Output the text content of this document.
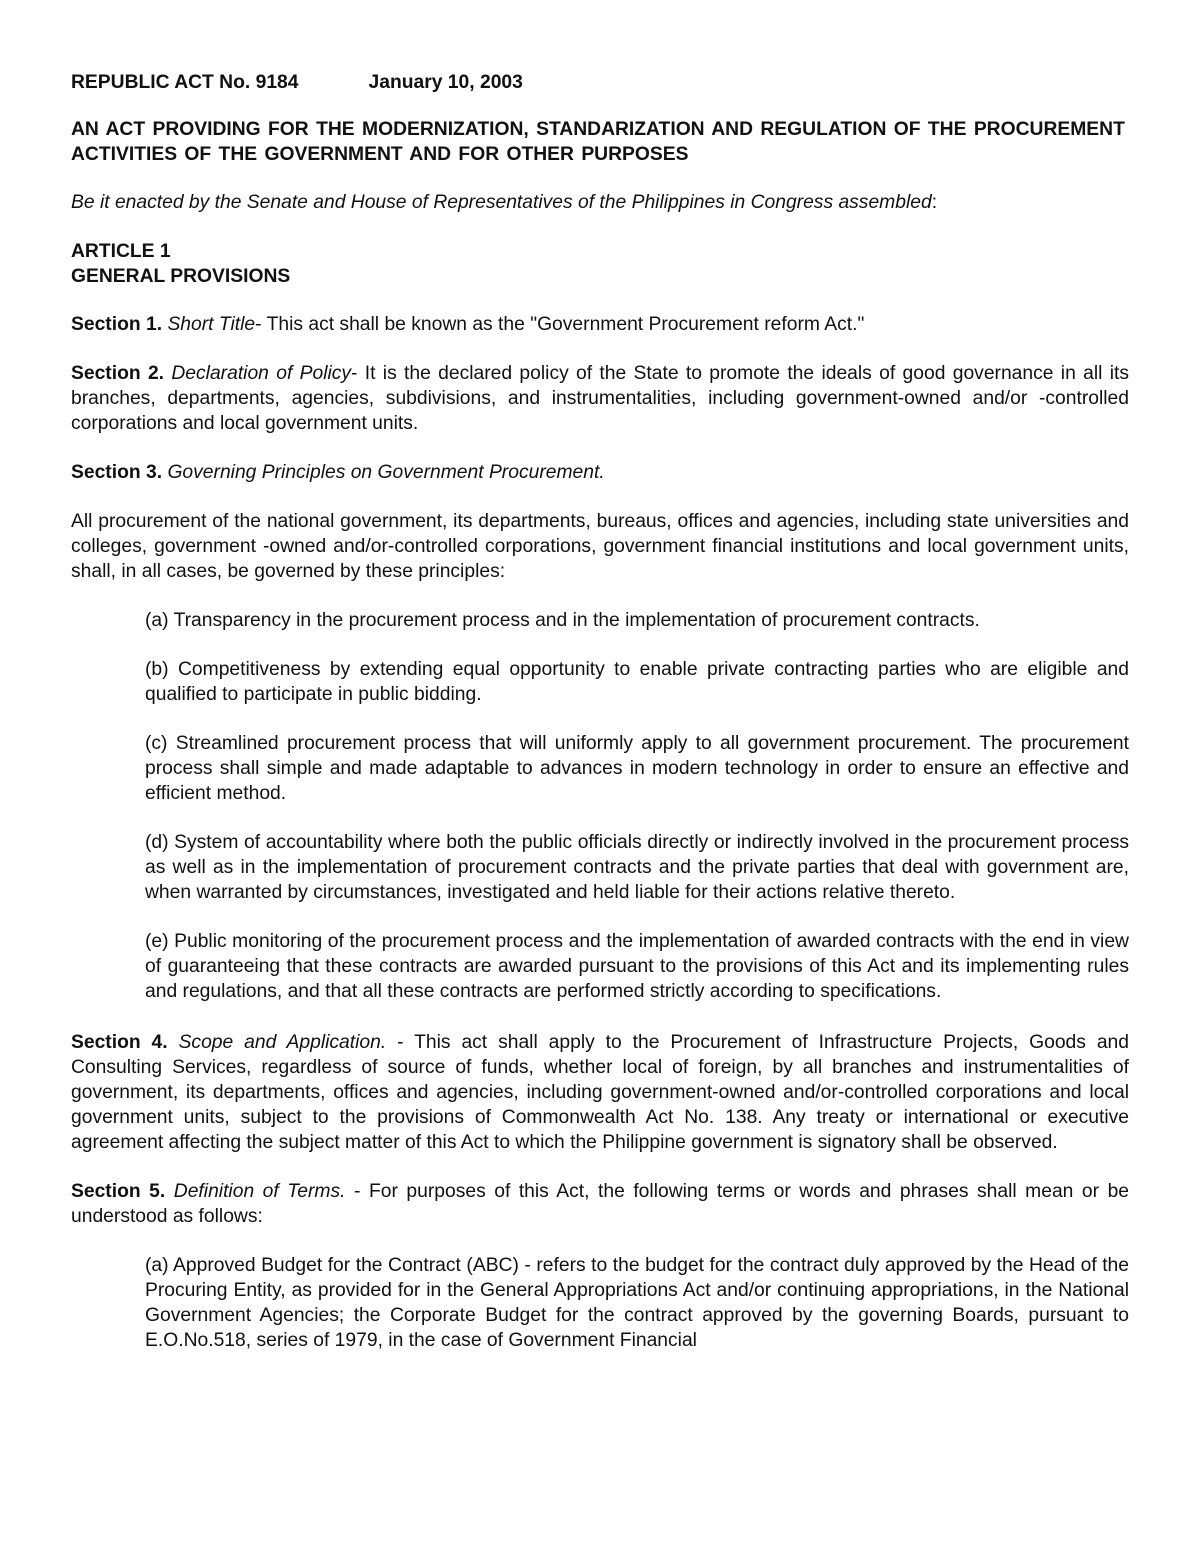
REPUBLIC ACT No. 9184	January 10, 2003
AN ACT PROVIDING FOR THE MODERNIZATION, STANDARIZATION AND REGULATION OF THE PROCUREMENT ACTIVITIES OF THE GOVERNMENT AND FOR OTHER PURPOSES
Be it enacted by the Senate and House of Representatives of the Philippines in Congress assembled:
ARTICLE 1
GENERAL PROVISIONS
Section 1. Short Title- This act shall be known as the "Government Procurement reform Act."
Section 2. Declaration of Policy- It is the declared policy of the State to promote the ideals of good governance in all its branches, departments, agencies, subdivisions, and instrumentalities, including government-owned and/or -controlled corporations and local government units.
Section 3. Governing Principles on Government Procurement.
All procurement of the national government, its departments, bureaus, offices and agencies, including state universities and colleges, government -owned and/or-controlled corporations, government financial institutions and local government units, shall, in all cases, be governed by these principles:
(a) Transparency in the procurement process and in the implementation of procurement contracts.
(b) Competitiveness by extending equal opportunity to enable private contracting parties who are eligible and qualified to participate in public bidding.
(c) Streamlined procurement process that will uniformly apply to all government procurement. The procurement process shall simple and made adaptable to advances in modern technology in order to ensure an effective and efficient method.
(d) System of accountability where both the public officials directly or indirectly involved in the procurement process as well as in the implementation of procurement contracts and the private parties that deal with government are, when warranted by circumstances, investigated and held liable for their actions relative thereto.
(e) Public monitoring of the procurement process and the implementation of awarded contracts with the end in view of guaranteeing that these contracts are awarded pursuant to the provisions of this Act and its implementing rules and regulations, and that all these contracts are performed strictly according to specifications.
Section 4. Scope and Application. - This act shall apply to the Procurement of Infrastructure Projects, Goods and Consulting Services, regardless of source of funds, whether local of foreign, by all branches and instrumentalities of government, its departments, offices and agencies, including government-owned and/or-controlled corporations and local government units, subject to the provisions of Commonwealth Act No. 138. Any treaty or international or executive agreement affecting the subject matter of this Act to which the Philippine government is signatory shall be observed.
Section 5. Definition of Terms. - For purposes of this Act, the following terms or words and phrases shall mean or be understood as follows:
(a) Approved Budget for the Contract (ABC) - refers to the budget for the contract duly approved by the Head of the Procuring Entity, as provided for in the General Appropriations Act and/or continuing appropriations, in the National Government Agencies; the Corporate Budget for the contract approved by the governing Boards, pursuant to E.O.No.518, series of 1979, in the case of Government Financial
